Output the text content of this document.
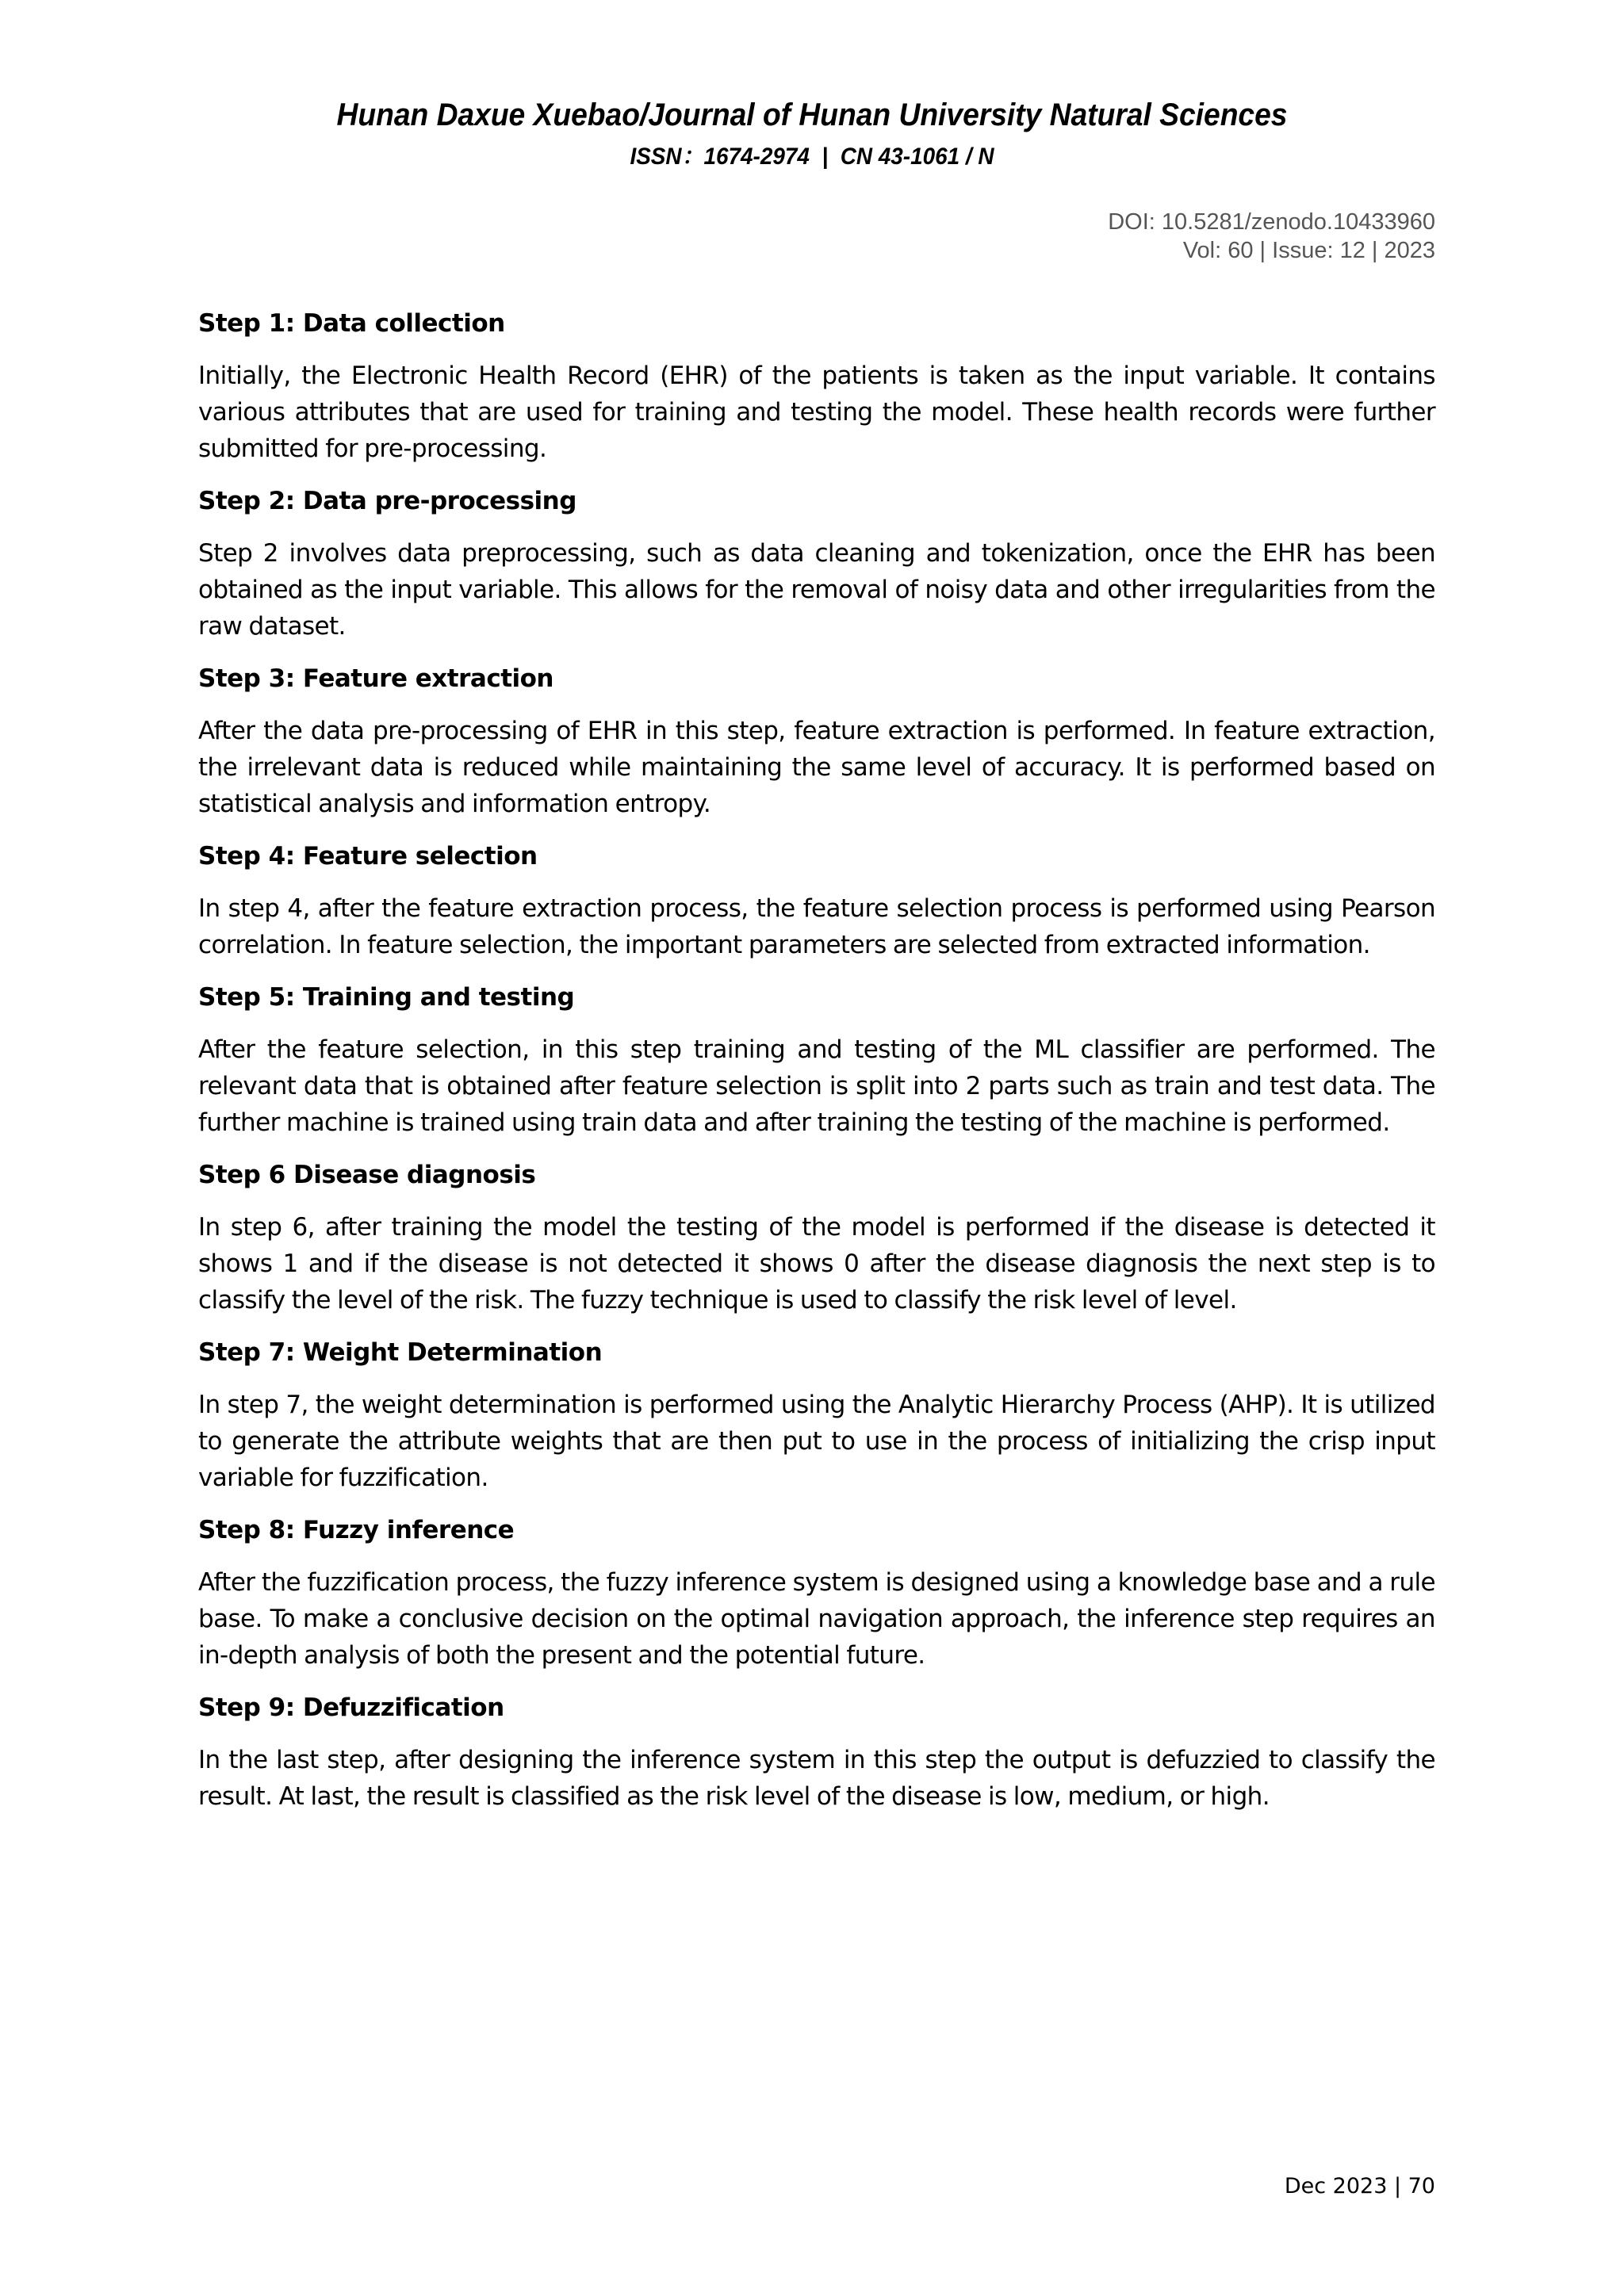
Hunan Daxue Xuebao/Journal of Hunan University Natural Sciences
ISSN：1674-2974  |  CN 43-1061 / N
DOI: 10.5281/zenodo.10433960
Vol: 60 | Issue: 12 | 2023
Step 1: Data collection
Initially, the Electronic Health Record (EHR) of the patients is taken as the input variable. It contains various attributes that are used for training and testing the model. These health records were further submitted for pre-processing.
Step 2: Data pre-processing
Step 2 involves data preprocessing, such as data cleaning and tokenization, once the EHR has been obtained as the input variable. This allows for the removal of noisy data and other irregularities from the raw dataset.
Step 3: Feature extraction
After the data pre-processing of EHR in this step, feature extraction is performed. In feature extraction, the irrelevant data is reduced while maintaining the same level of accuracy. It is performed based on statistical analysis and information entropy.
Step 4: Feature selection
In step 4, after the feature extraction process, the feature selection process is performed using Pearson correlation. In feature selection, the important parameters are selected from extracted information.
Step 5: Training and testing
After the feature selection, in this step training and testing of the ML classifier are performed. The relevant data that is obtained after feature selection is split into 2 parts such as train and test data. The further machine is trained using train data and after training the testing of the machine is performed.
Step 6 Disease diagnosis
In step 6, after training the model the testing of the model is performed if the disease is detected it shows 1 and if the disease is not detected it shows 0 after the disease diagnosis the next step is to classify the level of the risk. The fuzzy technique is used to classify the risk level of level.
Step 7: Weight Determination
In step 7, the weight determination is performed using the Analytic Hierarchy Process (AHP). It is utilized to generate the attribute weights that are then put to use in the process of initializing the crisp input variable for fuzzification.
Step 8: Fuzzy inference
After the fuzzification process, the fuzzy inference system is designed using a knowledge base and a rule base. To make a conclusive decision on the optimal navigation approach, the inference step requires an in-depth analysis of both the present and the potential future.
Step 9: Defuzzification
In the last step, after designing the inference system in this step the output is defuzzied to classify the result. At last, the result is classified as the risk level of the disease is low, medium, or high.
Dec 2023 | 70
